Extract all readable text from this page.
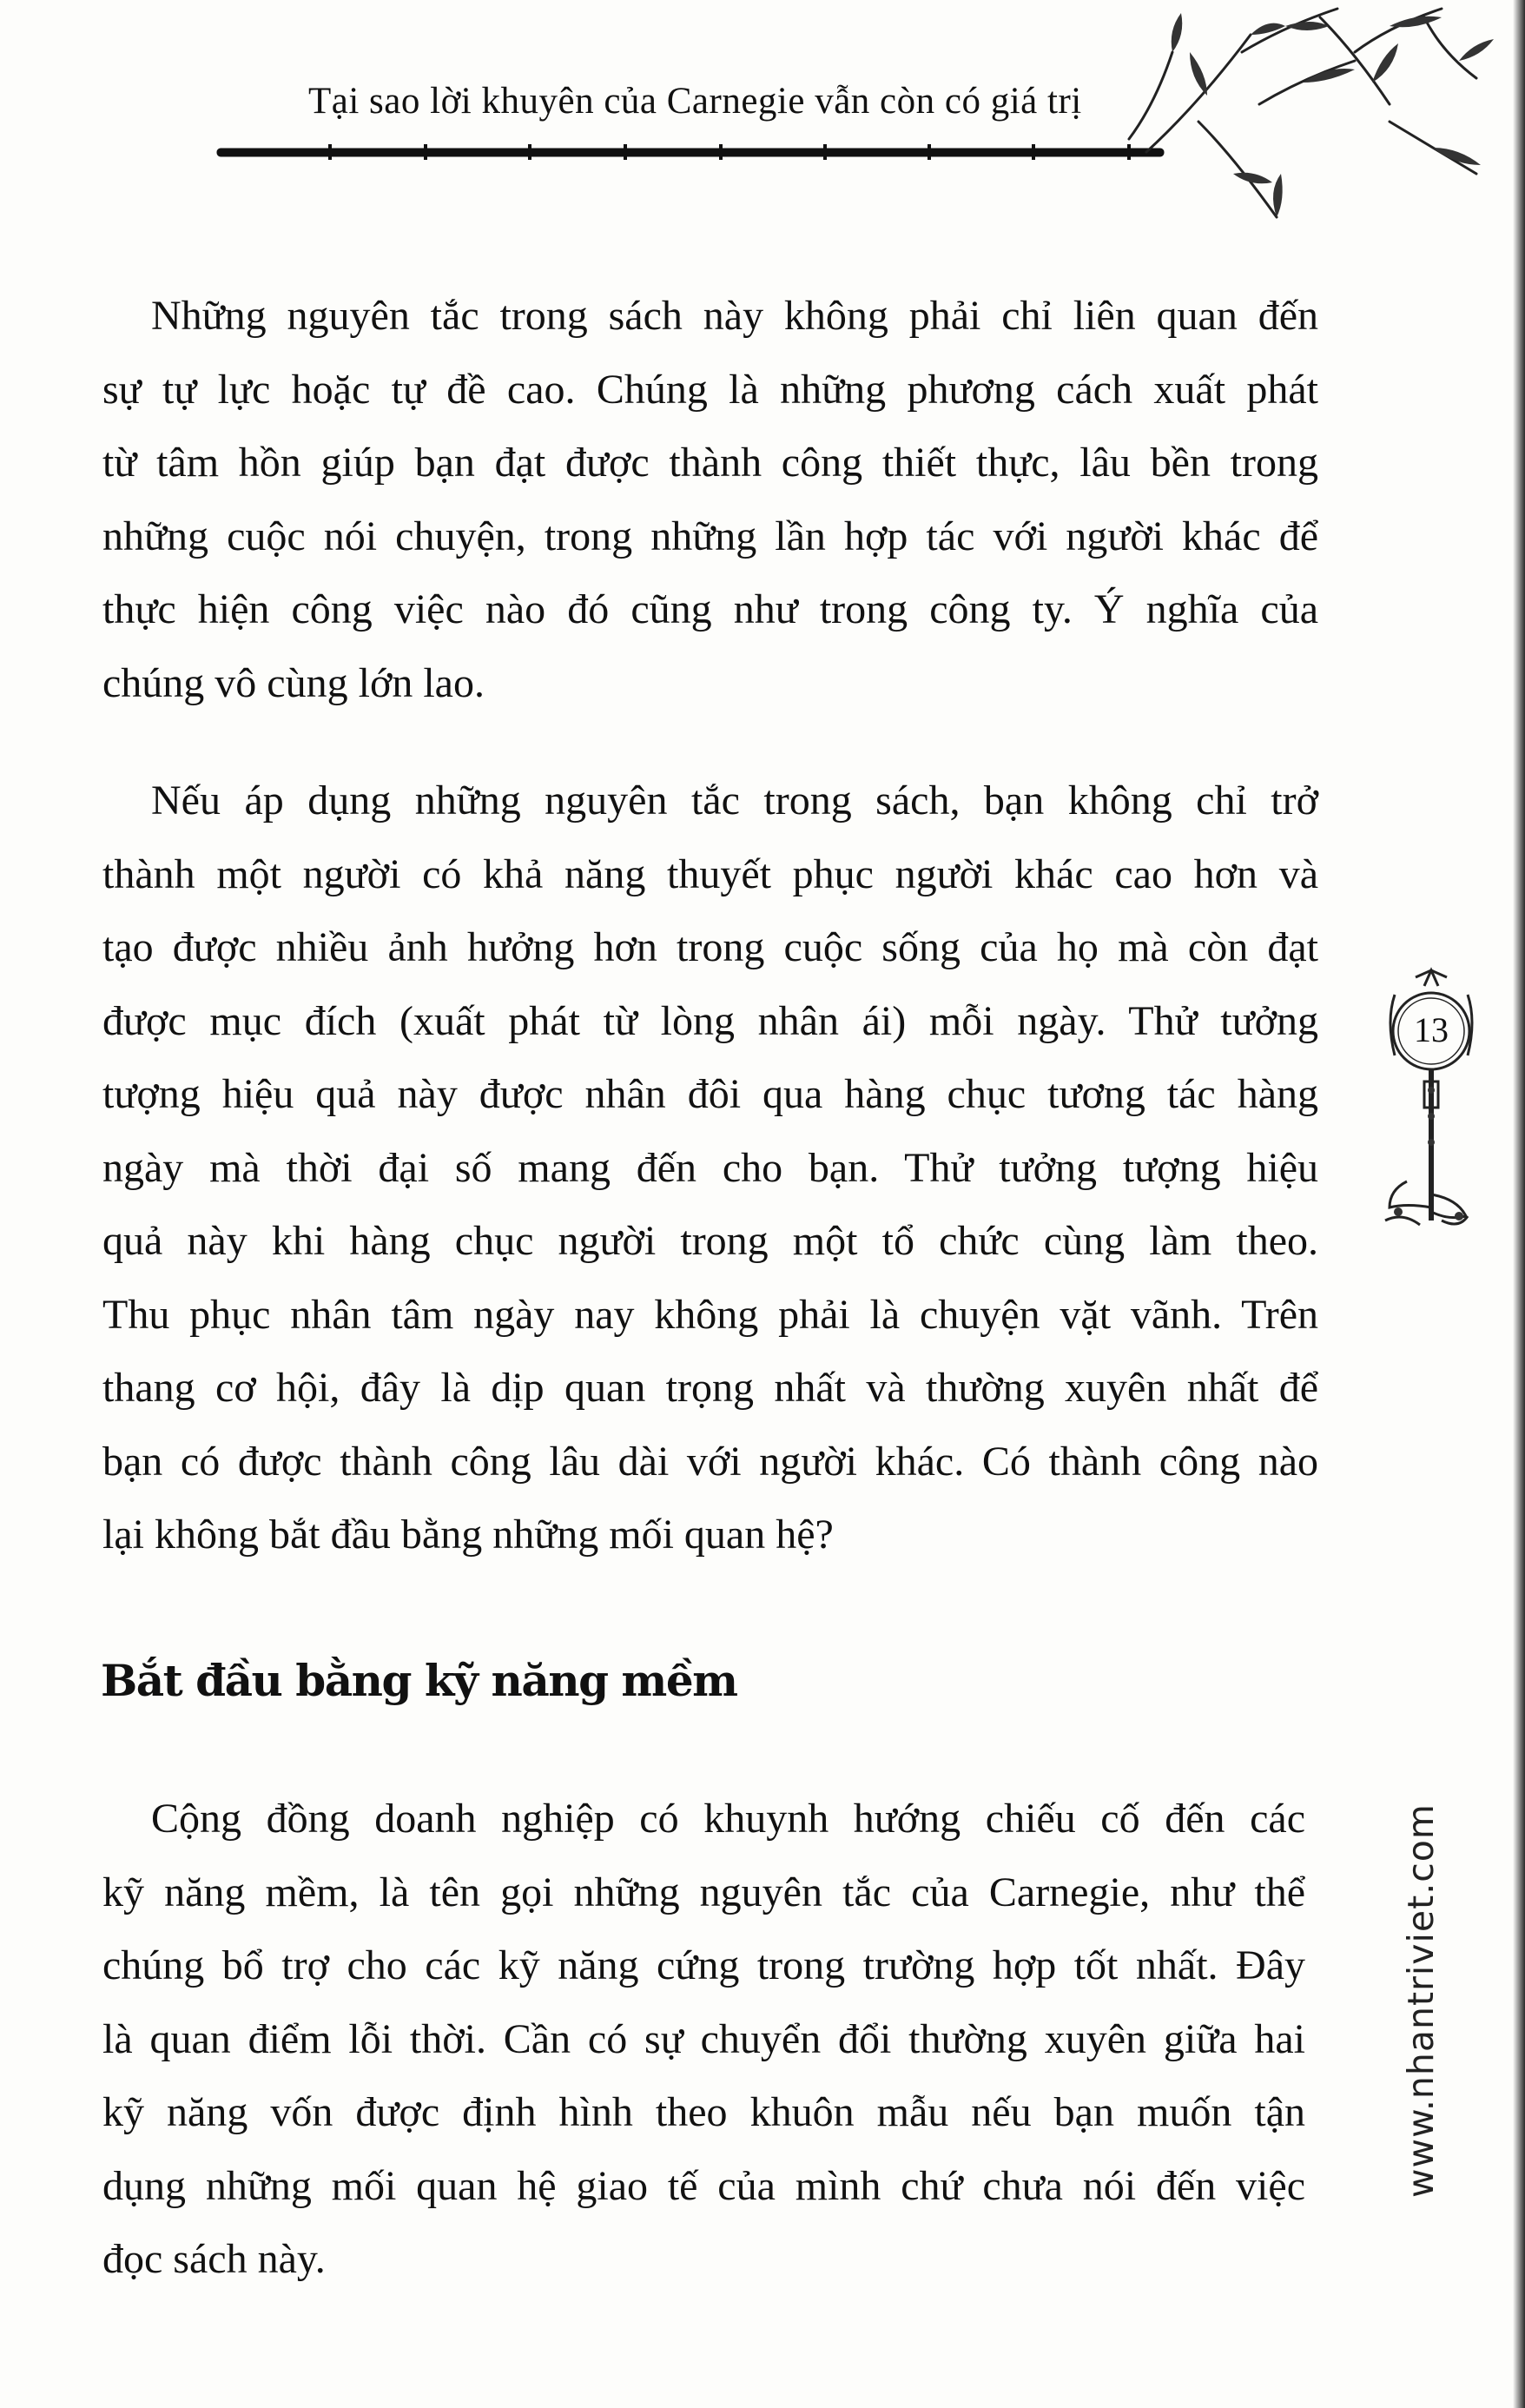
Tại sao lời khuyên của Carnegie vẫn còn có giá trị

Những nguyên tắc trong sách này không phải chỉ liên quan đến
sự tự lực hoặc tự đề cao. Chúng là những phương cách xuất phát
từ tâm hồn giúp bạn đạt được thành công thiết thực, lâu bền trong
những cuộc nói chuyện, trong những lần hợp tác với người khác để
thực hiện công việc nào đó cũng như trong công ty. Ý nghĩa của
chúng vô cùng lớn lao.

Nếu áp dụng những nguyên tắc trong sách, bạn không chỉ trở
thành một người có khả năng thuyết phục người khác cao hơn và
tạo được nhiều ảnh hưởng hơn trong cuộc sống của họ mà còn đạt
được mục đích (xuất phát từ lòng nhân ái) mỗi ngày. Thử tưởng
tượng hiệu quả này được nhân đôi qua hàng chục tương tác hàng
ngày mà thời đại số mang đến cho bạn. Thử tưởng tượng hiệu
quả này khi hàng chục người trong một tổ chức cùng làm theo.
Thu phục nhân tâm ngày nay không phải là chuyện vặt vãnh. Trên
thang cơ hội, đây là dịp quan trọng nhất và thường xuyên nhất để
bạn có được thành công lâu dài với người khác. Có thành công nào
lại không bắt đầu bằng những mối quan hệ?

Bắt đầu bằng kỹ năng mềm

Cộng đồng doanh nghiệp có khuynh hướng chiếu cố đến các
kỹ năng mềm, là tên gọi những nguyên tắc của Carnegie, như thể
chúng bổ trợ cho các kỹ năng cứng trong trường hợp tốt nhất. Đây
là quan điểm lỗi thời. Cần có sự chuyển đổi thường xuyên giữa hai
kỹ năng vốn được định hình theo khuôn mẫu nếu bạn muốn tận
dụng những mối quan hệ giao tế của mình chứ chưa nói đến việc
đọc sách này.

13
www.nhantriviet.com
